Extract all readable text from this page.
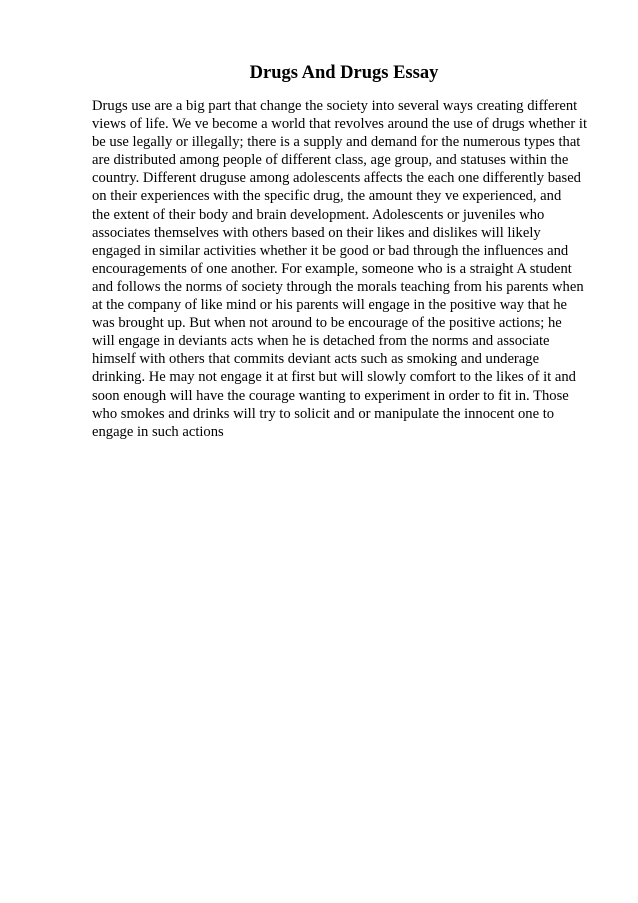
Drugs And Drugs Essay
Drugs use are a big part that change the society into several ways creating different
views of life. We ve become a world that revolves around the use of drugs whether it
be use legally or illegally; there is a supply and demand for the numerous types that
are distributed among people of different class, age group, and statuses within the
country. Different druguse among adolescents affects the each one differently based
on their experiences with the specific drug, the amount they ve experienced, and
the extent of their body and brain development. Adolescents or juveniles who
associates themselves with others based on their likes and dislikes will likely
engaged in similar activities whether it be good or bad through the influences and
encouragements of one another. For example, someone who is a straight A student
and follows the norms of society through the morals teaching from his parents when
at the company of like mind or his parents will engage in the positive way that he
was brought up. But when not around to be encourage of the positive actions; he
will engage in deviants acts when he is detached from the norms and associate
himself with others that commits deviant acts such as smoking and underage
drinking. He may not engage it at first but will slowly comfort to the likes of it and
soon enough will have the courage wanting to experiment in order to fit in. Those
who smokes and drinks will try to solicit and or manipulate the innocent one to
engage in such actions
